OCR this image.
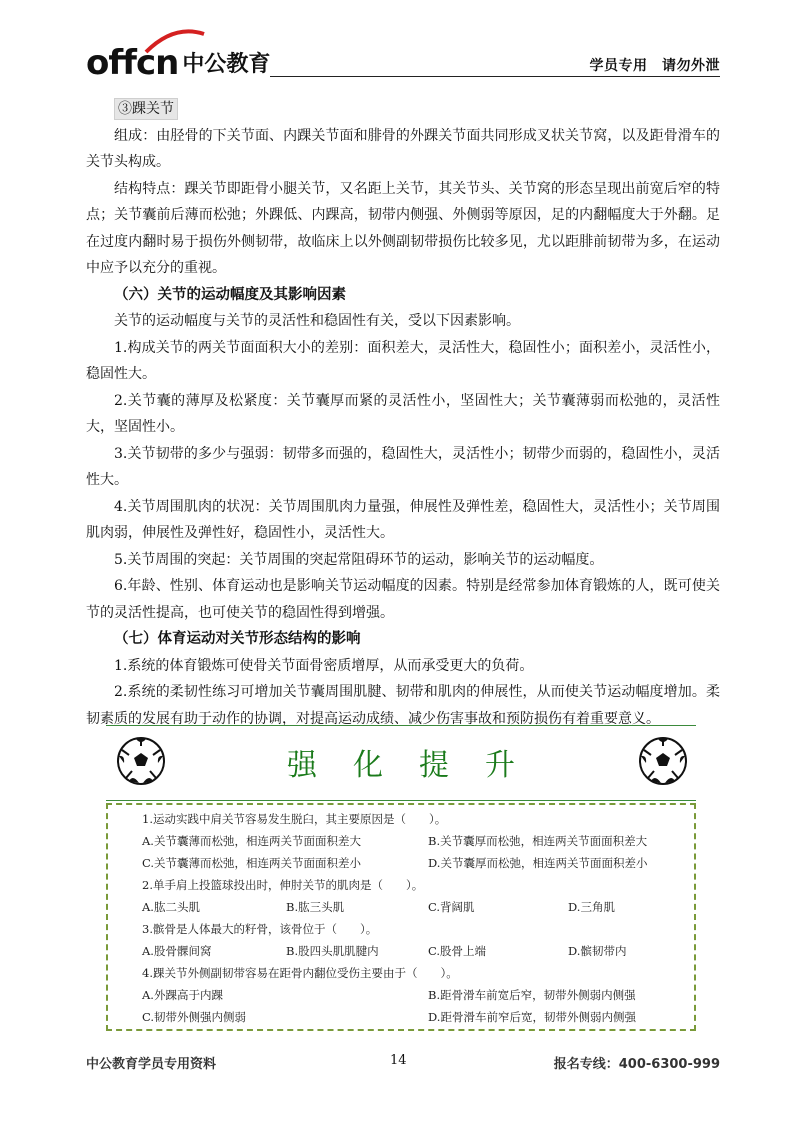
offcn 中公教育	学员专用　请勿外泄
③踝关节

组成：由胫骨的下关节面、内踝关节面和腓骨的外踝关节面共同形成叉状关节窝，以及距骨滑车的关节头构成。

结构特点：踝关节即距骨小腿关节，又名距上关节，其关节头、关节窝的形态呈现出前宽后窄的特点；关节囊前后薄而松弛；外踝低、内踝高，韧带内侧强、外侧弱等原因，足的内翻幅度大于外翻。足在过度内翻时易于损伤外侧韧带，故临床上以外侧副韧带损伤比较多见，尤以距腓前韧带为多，在运动中应予以充分的重视。

（六）关节的运动幅度及其影响因素

关节的运动幅度与关节的灵活性和稳固性有关，受以下因素影响。

1.构成关节的两关节面面积大小的差别：面积差大，灵活性大，稳固性小；面积差小，灵活性小，稳固性大。

2.关节囊的薄厚及松紧度：关节囊厚而紧的灵活性小，坚固性大；关节囊薄弱而松弛的，灵活性大，坚固性小。

3.关节韧带的多少与强弱：韧带多而强的，稳固性大，灵活性小；韧带少而弱的，稳固性小，灵活性大。

4.关节周围肌肉的状况：关节周围肌肉力量强，伸展性及弹性差，稳固性大，灵活性小；关节周围肌肉弱，伸展性及弹性好，稳固性小，灵活性大。

5.关节周围的突起：关节周围的突起常阻碍环节的运动，影响关节的运动幅度。

6.年龄、性别、体育运动也是影响关节运动幅度的因素。特别是经常参加体育锻炼的人，既可使关节的灵活性提高，也可使关节的稳固性得到增强。

（七）体育运动对关节形态结构的影响

1.系统的体育锻炼可使骨关节面骨密质增厚，从而承受更大的负荷。

2.系统的柔韧性练习可增加关节囊周围肌腱、韧带和肌肉的伸展性，从而使关节运动幅度增加。柔韧素质的发展有助于动作的协调，对提高运动成绩、减少伤害事故和预防损伤有着重要意义。

强化提升
1.运动实践中肩关节容易发生脱臼，其主要原因是（　　）。
A.关节囊薄而松弛，相连两关节面面积差大	B.关节囊厚而松弛，相连两关节面面积差大
C.关节囊薄而松弛，相连两关节面面积差小	D.关节囊厚而松弛，相连两关节面面积差小
2.单手肩上投篮球投出时，伸肘关节的肌肉是（　　）。
A.肱二头肌	B.肱三头肌	C.背阔肌	D.三角肌
3.髌骨是人体最大的籽骨，该骨位于（　　）。
A.股骨髁间窝	B.股四头肌肌腱内	C.股骨上端	D.髌韧带内
4.踝关节外侧副韧带容易在距骨内翻位受伤主要由于（　　）。
A.外踝高于内踝	B.距骨滑车前宽后窄，韧带外侧弱内侧强
C.韧带外侧强内侧弱	D.距骨滑车前窄后宽，韧带外侧弱内侧强
中公教育学员专用资料	14	报名专线：400-6300-999
